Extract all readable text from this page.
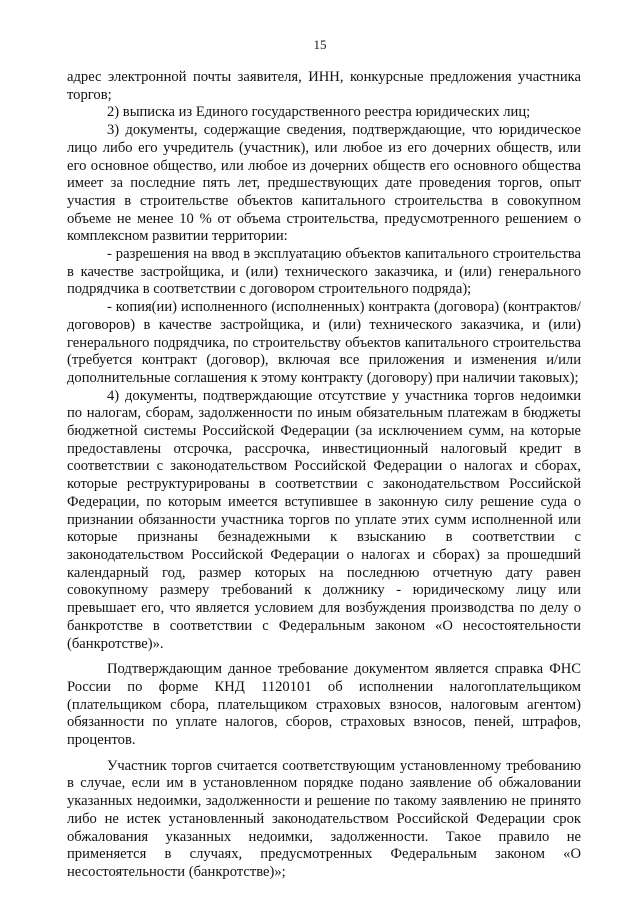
15

адрес электронной почты заявителя, ИНН, конкурсные предложения участника торгов;

2) выписка из Единого государственного реестра юридических лиц;

3) документы, содержащие сведения, подтверждающие, что юридическое лицо либо его учредитель (участник), или любое из его дочерних обществ, или его основное общество, или любое из дочерних обществ его основного общества имеет за последние пять лет, предшествующих дате проведения торгов, опыт участия в строительстве объектов капитального строительства в совокупном объеме не менее 10 % от объема строительства, предусмотренного решением о комплексном развитии территории:

- разрешения на ввод в эксплуатацию объектов капитального строительства в качестве застройщика, и (или) технического заказчика, и (или) генерального подрядчика в соответствии с договором строительного подряда);

- копия(ии) исполненного (исполненных) контракта (договора) (контрактов/договоров) в качестве застройщика, и (или) технического заказчика, и (или) генерального подрядчика, по строительству объектов капитального строительства (требуется контракт (договор), включая все приложения и изменения и/или дополнительные соглашения к этому контракту (договору) при наличии таковых);

4) документы, подтверждающие отсутствие у участника торгов недоимки по налогам, сборам, задолженности по иным обязательным платежам в бюджеты бюджетной системы Российской Федерации (за исключением сумм, на которые предоставлены отсрочка, рассрочка, инвестиционный налоговый кредит в соответствии с законодательством Российской Федерации о налогах и сборах, которые реструктурированы в соответствии с законодательством Российской Федерации, по которым имеется вступившее в законную силу решение суда о признании обязанности участника торгов по уплате этих сумм исполненной или которые признаны безнадежными к взысканию в соответствии с законодательством Российской Федерации о налогах и сборах) за прошедший календарный год, размер которых на последнюю отчетную дату равен совокупному размеру требований к должнику - юридическому лицу или превышает его, что является условием для возбуждения производства по делу о банкротстве в соответствии с Федеральным законом «О несостоятельности (банкротстве)».

Подтверждающим данное требование документом является справка ФНС России по форме КНД 1120101 об исполнении налогоплательщиком (плательщиком сбора, плательщиком страховых взносов, налоговым агентом) обязанности по уплате налогов, сборов, страховых взносов, пеней, штрафов, процентов.

Участник торгов считается соответствующим установленному требованию в случае, если им в установленном порядке подано заявление об обжаловании указанных недоимки, задолженности и решение по такому заявлению не принято либо не истек установленный законодательством Российской Федерации срок обжалования указанных недоимки, задолженности. Такое правило не применяется в случаях, предусмотренных Федеральным законом «О несостоятельности (банкротстве)»;
